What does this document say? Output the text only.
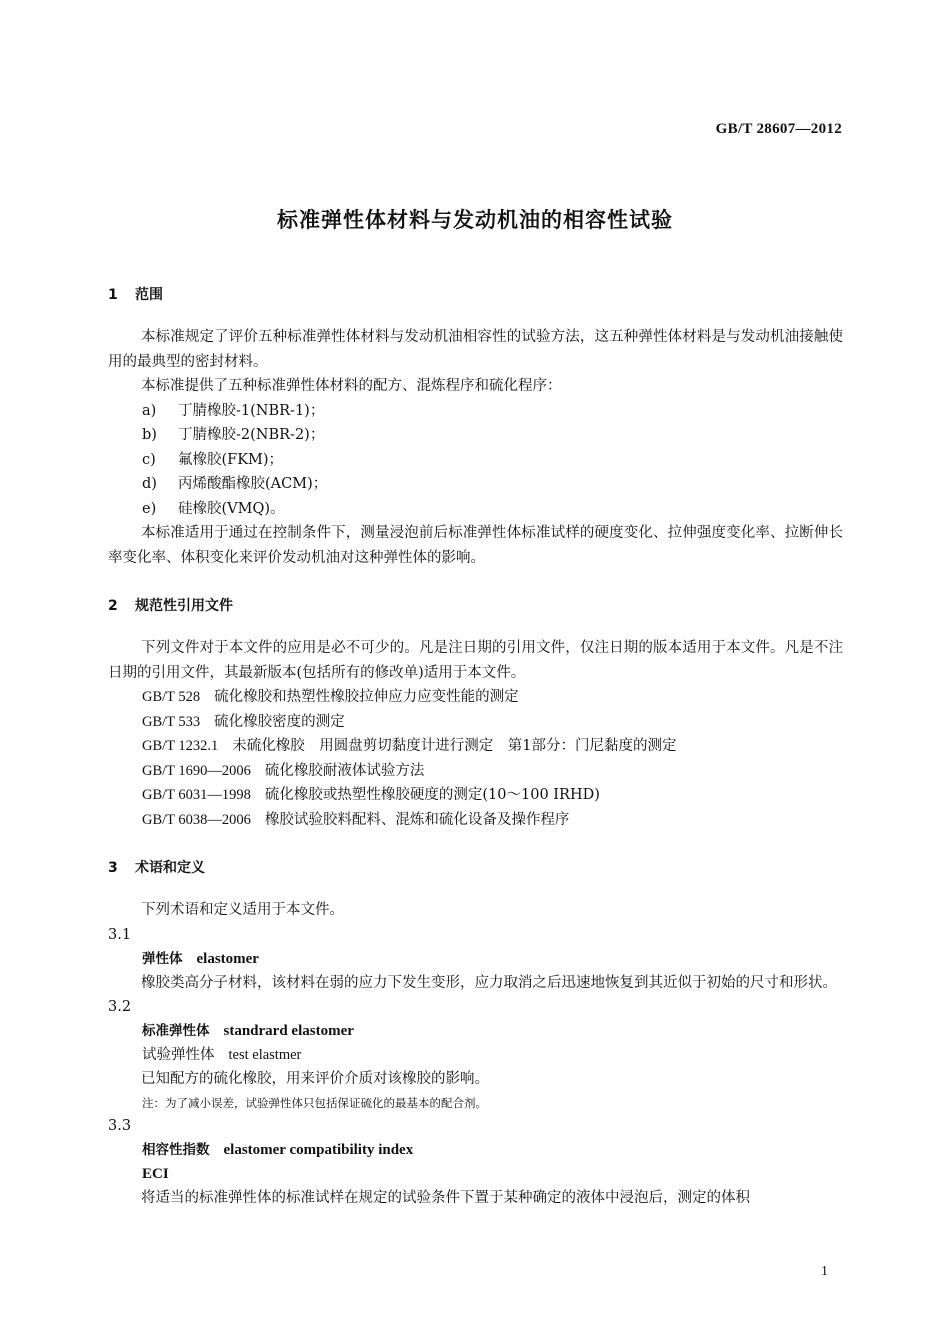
GB/T 28607—2012
标准弹性体材料与发动机油的相容性试验
1 范围

本标准规定了评价五种标准弹性体材料与发动机油相容性的试验方法，这五种弹性体材料是与发动机油接触使用的最典型的密封材料。

本标准提供了五种标准弹性体材料的配方、混炼程序和硫化程序：

a) 丁腈橡胶-1(NBR-1)；

b) 丁腈橡胶-2(NBR-2)；

c) 氟橡胶(FKM)；

d) 丙烯酸酯橡胶(ACM)；

e) 硅橡胶(VMQ)。

本标准适用于通过在控制条件下，测量浸泡前后标准弹性体标准试样的硬度变化、拉伸强度变化率、拉断伸长率变化率、体积变化来评价发动机油对这种弹性体的影响。

2 规范性引用文件

下列文件对于本文件的应用是必不可少的。凡是注日期的引用文件，仅注日期的版本适用于本文件。凡是不注日期的引用文件，其最新版本(包括所有的修改单)适用于本文件。

GB/T 528 硫化橡胶和热塑性橡胶拉伸应力应变性能的测定

GB/T 533 硫化橡胶密度的测定

GB/T 1232.1 未硫化橡胶　用圆盘剪切黏度计进行测定　第1部分：门尼黏度的测定

GB/T 1690—2006 硫化橡胶耐液体试验方法

GB/T 6031—1998 硫化橡胶或热塑性橡胶硬度的测定(10～100 IRHD)

GB/T 6038—2006 橡胶试验胶料配料、混炼和硫化设备及操作程序

3 术语和定义

下列术语和定义适用于本文件。

3.1

弹性体 elastomer

橡胶类高分子材料，该材料在弱的应力下发生变形，应力取消之后迅速地恢复到其近似于初始的尺寸和形状。

3.2

标准弹性体 standrard elastomer

试验弹性体 test elastmer

已知配方的硫化橡胶，用来评价介质对该橡胶的影响。

注：为了减小误差，试验弹性体只包括保证硫化的最基本的配合剂。

3.3

相容性指数 elastomer compatibility index

ECI

将适当的标准弹性体的标准试样在规定的试验条件下置于某种确定的液体中浸泡后，测定的体积

1
